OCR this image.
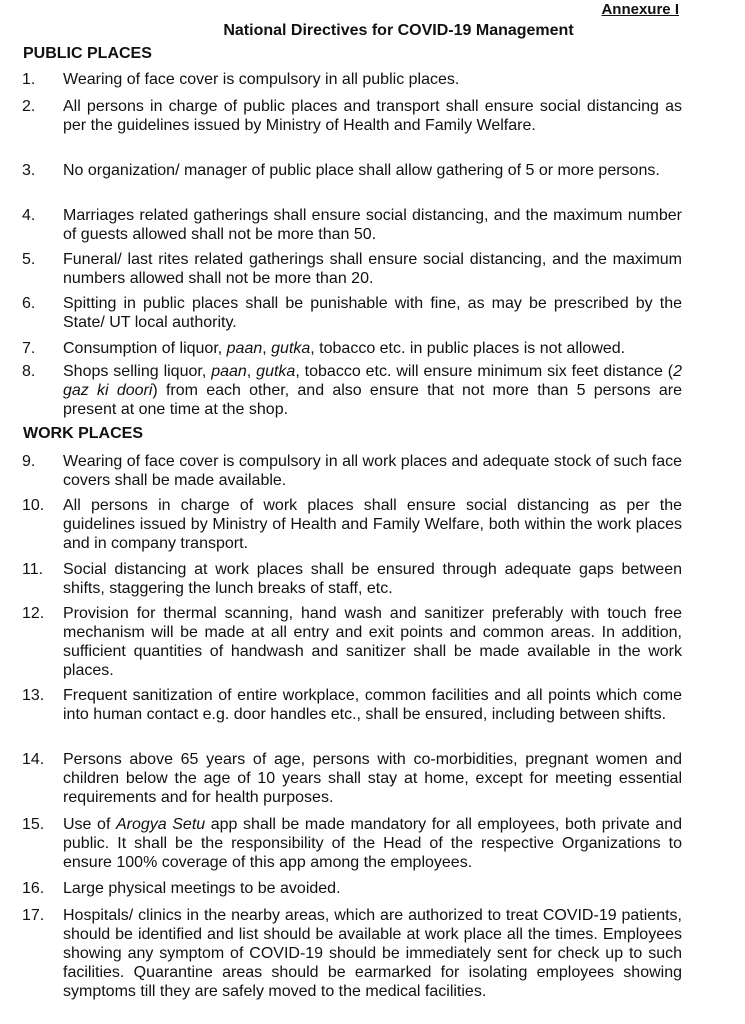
Annexure I
National Directives for COVID-19 Management
PUBLIC PLACES
1.	Wearing of face cover is compulsory in all public places.
2.	All persons in charge of public places and transport shall ensure social distancing as per the guidelines issued by Ministry of Health and Family Welfare.
3.	No organization/ manager of public place shall allow gathering of 5 or more persons.
4.	Marriages related gatherings shall ensure social distancing, and the maximum number of guests allowed shall not be more than 50.
5.	Funeral/ last rites related gatherings shall ensure social distancing, and the maximum numbers allowed shall not be more than 20.
6.	Spitting in public places shall be punishable with fine, as may be prescribed by the State/ UT local authority.
7.	Consumption of liquor, paan, gutka, tobacco etc. in public places is not allowed.
8.	Shops selling liquor, paan, gutka, tobacco etc. will ensure minimum six feet distance (2 gaz ki doori) from each other, and also ensure that not more than 5 persons are present at one time at the shop.
WORK PLACES
9.	Wearing of face cover is compulsory in all work places and adequate stock of such face covers shall be made available.
10.	All persons in charge of work places shall ensure social distancing as per the guidelines issued by Ministry of Health and Family Welfare, both within the work places and in company transport.
11.	Social distancing at work places shall be ensured through adequate gaps between shifts, staggering the lunch breaks of staff, etc.
12.	Provision for thermal scanning, hand wash and sanitizer preferably with touch free mechanism will be made at all entry and exit points and common areas. In addition, sufficient quantities of handwash and sanitizer shall be made available in the work places.
13.	Frequent sanitization of entire workplace, common facilities and all points which come into human contact e.g. door handles etc., shall be ensured, including between shifts.
14.	Persons above 65 years of age, persons with co-morbidities, pregnant women and children below the age of 10 years shall stay at home, except for meeting essential requirements and for health purposes.
15.	Use of Arogya Setu app shall be made mandatory for all employees, both private and public. It shall be the responsibility of the Head of the respective Organizations to ensure 100% coverage of this app among the employees.
16.	Large physical meetings to be avoided.
17.	Hospitals/ clinics in the nearby areas, which are authorized to treat COVID-19 patients, should be identified and list should be available at work place all the times. Employees showing any symptom of COVID-19 should be immediately sent for check up to such facilities. Quarantine areas should be earmarked for isolating employees showing symptoms till they are safely moved to the medical facilities.
